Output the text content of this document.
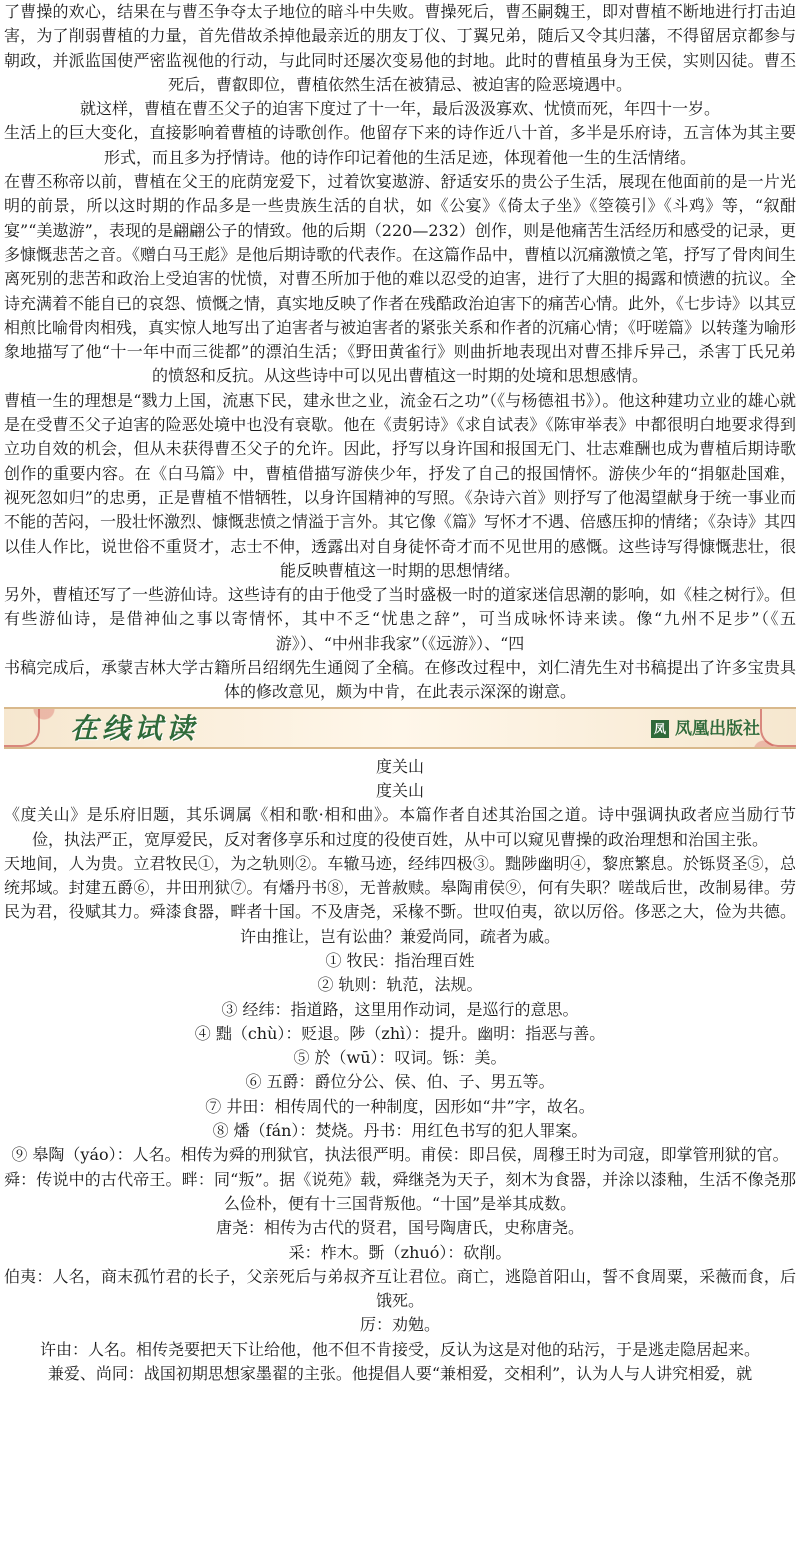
了曹操的欢心，结果在与曹丕争夺太子地位的暗斗中失败。曹操死后，曹丕嗣魏王，即对曹植不断地进行打击迫害，为了削弱曹植的力量，首先借故杀掉他最亲近的朋友丁仪、丁翼兄弟，随后又令其归藩，不得留居京都参与朝政，并派监国使严密监视他的行动，与此同时还屡次变易他的封地。此时的曹植虽身为王侯，实则囚徒。曹丕死后，曹叡即位，曹植依然生活在被猜忌、被迫害的险恶境遇中。

就这样，曹植在曹丕父子的迫害下度过了十一年，最后汲汲寡欢、忧愤而死，年四十一岁。

生活上的巨大变化，直接影响着曹植的诗歌创作。他留存下来的诗作近八十首，多半是乐府诗，五言体为其主要形式，而且多为抒情诗。他的诗作印记着他的生活足迹，体现着他一生的生活情绪。

在曹丕称帝以前，曹植在父王的庇荫宠爱下，过着饮宴遨游、舒适安乐的贵公子生活，展现在他面前的是一片光明的前景，所以这时期的作品多是一些贵族生活的自状，如《公宴》《倚太子坐》《箜篌引》《斗鸡》等，“叙酣宴”“美遨游”，表现的是翩翩公子的情致。他的后期（220—232）创作，则是他痛苦生活经历和感受的记录，更多慷慨悲苦之音。《赠白马王彪》是他后期诗歌的代表作。在这篇作品中，曹植以沉痛激愤之笔，抒写了骨肉间生离死别的悲苦和政治上受迫害的忧愤，对曹丕所加于他的难以忍受的迫害，进行了大胆的揭露和愤懑的抗议。全诗充满着不能自已的哀怨、愤慨之情，真实地反映了作者在残酷政治迫害下的痛苦心情。此外，《七步诗》以其豆相煎比喻骨肉相残，真实惊人地写出了迫害者与被迫害者的紧张关系和作者的沉痛心情；《吁嗟篇》以转蓬为喻形象地描写了他“十一年中而三徙都”的漂泊生活；《野田黄雀行》则曲折地表现出对曹丕排斥异己，杀害丁氏兄弟的愤怒和反抗。从这些诗中可以见出曹植这一时期的处境和思想感情。

曹植一生的理想是“戮力上国，流惠下民，建永世之业，流金石之功”（《与杨德祖书》）。他这种建功立业的雄心就是在受曹丕父子迫害的险恶处境中也没有衰歇。他在《责躬诗》《求自试表》《陈审举表》中都很明白地要求得到立功自效的机会，但从未获得曹丕父子的允许。因此，抒写以身许国和报国无门、壮志难酬也成为曹植后期诗歌创作的重要内容。在《白马篇》中，曹植借描写游侠少年，抒发了自己的报国情怀。游侠少年的“捐躯赴国难，视死忽如归”的忠勇，正是曹植不惜牺牲，以身许国精神的写照。《杂诗六首》则抒写了他渴望献身于统一事业而不能的苦闷，一股壮怀激烈、慷慨悲愤之情溢于言外。其它像《篇》写怀才不遇、倍感压抑的情绪；《杂诗》其四以佳人作比，说世俗不重贤才，志士不伸，透露出对自身徒怀奇才而不见世用的感慨。这些诗写得慷慨悲壮，很能反映曹植这一时期的思想情绪。

另外，曹植还写了一些游仙诗。这些诗有的由于他受了当时盛极一时的道家迷信思潮的影响，如《桂之树行》。但有些游仙诗，是借神仙之事以寄情怀，其中不乏“忧患之辞”，可当成咏怀诗来读。像“九州不足步”（《五游》）、“中州非我家”（《远游》）、“四

书稿完成后，承蒙吉林大学古籍所吕绍纲先生通阅了全稿。在修改过程中，刘仁清先生对书稿提出了许多宝贵具体的修改意见，颇为中肯，在此表示深深的谢意。

在线试读	凤 凤凰出版社

度关山

度关山

《度关山》是乐府旧题，其乐调属《相和歌·相和曲》。本篇作者自述其治国之道。诗中强调执政者应当励行节俭，执法严正，宽厚爱民，反对奢侈享乐和过度的役使百姓，从中可以窥见曹操的政治理想和治国主张。

天地间，人为贵。立君牧民①，为之轨则②。车辙马迹，经纬四极③。黜陟幽明④，黎庶繁息。於铄贤圣⑤，总统邦域。封建五爵⑥，井田刑狱⑦。有燔丹书⑧，无普赦赎。皋陶甫侯⑨，何有失职？嗟哉后世，改制易律。劳民为君，役赋其力。舜漆食器，畔者十国。不及唐尧，采椽不斲。世叹伯夷，欲以厉俗。侈恶之大，俭为共德。许由推让，岂有讼曲？兼爱尚同，疏者为戚。

① 牧民：指治理百姓

② 轨则：轨范，法规。

③ 经纬：指道路，这里用作动词，是巡行的意思。

④ 黜（chù）：贬退。陟（zhì）：提升。幽明：指恶与善。

⑤ 於（wū）：叹词。铄：美。

⑥ 五爵：爵位分公、侯、伯、子、男五等。

⑦ 井田：相传周代的一种制度，因形如“井”字，故名。

⑧ 燔（fán）：焚烧。丹书：用红色书写的犯人罪案。

⑨ 皋陶（yáo）：人名。相传为舜的刑狱官，执法很严明。甫侯：即吕侯，周穆王时为司寇，即掌管刑狱的官。

舜：传说中的古代帝王。畔：同“叛”。据《说苑》载，舜继尧为天子，刻木为食器，并涂以漆釉，生活不像尧那么俭朴，便有十三国背叛他。“十国”是举其成数。

唐尧：相传为古代的贤君，国号陶唐氏，史称唐尧。

采：柞木。斲（zhuó）：砍削。

伯夷：人名，商末孤竹君的长子，父亲死后与弟叔齐互让君位。商亡，逃隐首阳山，誓不食周粟，采薇而食，后饿死。

厉：劝勉。

许由：人名。相传尧要把天下让给他，他不但不肯接受，反认为这是对他的玷污，于是逃走隐居起来。

兼爱、尚同：战国初期思想家墨翟的主张。他提倡人要“兼相爱，交相利”，认为人与人讲究相爱，就
